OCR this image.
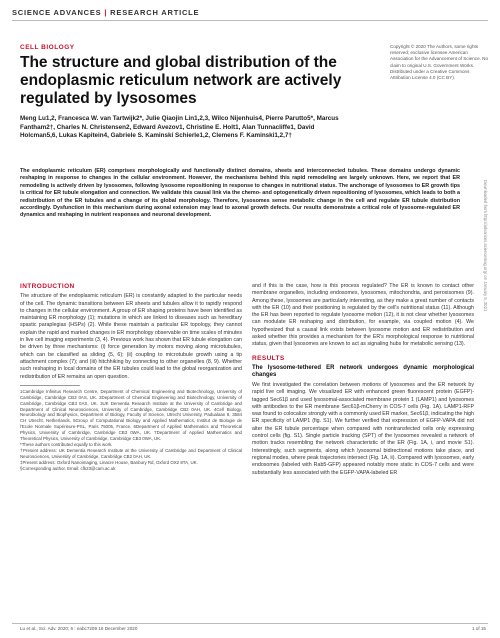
SCIENCE ADVANCES | RESEARCH ARTICLE
CELL BIOLOGY
The structure and global distribution of the endoplasmic reticulum network are actively regulated by lysosomes
Meng Lu1,2, Francesca W. van Tartwijk2*, Julie Qiaojin Lin1,2,3, Wilco Nijenhuis4, Pierre Parutto5*, Marcus Fantham2†, Charles N. Christensen2, Edward Avezov1, Christine E. Holt1, Alan Tunnacliffe1, David Holcman5,6, Lukas Kapitein4, Gabriele S. Kaminski Schierle1,2, Clemens F. Kaminski1,2,7†
Copyright © 2020 The Authors, some rights reserved; exclusive licensee American Association for the Advancement of Science. No claim to original U.S. Government Works. Distributed under a Creative Commons Attribution License 4.0 (CC BY).
The endoplasmic reticulum (ER) comprises morphologically and functionally distinct domains, sheets and interconnected tubules. These domains undergo dynamic reshaping in response to changes in the cellular environment. However, the mechanisms behind this rapid remodeling are largely unknown. Here, we report that ER remodeling is actively driven by lysosomes, following lysosome repositioning in response to changes in nutritional status. The anchorage of lysosomes to ER growth tips is critical for ER tubule elongation and connection. We validate this causal link via the chemo- and optogenetically driven repositioning of lysosomes, which leads to both a redistribution of the ER tubules and a change of its global morphology. Therefore, lysosomes sense metabolic change in the cell and regulate ER tubule distribution accordingly. Dysfunction in this mechanism during axonal extension may lead to axonal growth defects. Our results demonstrate a critical role of lysosome-regulated ER dynamics and reshaping in nutrient responses and neuronal development.	Downloaded from http://advances.sciencemag.org/ on January 5, 2021
INTRODUCTION

The structure of the endoplasmic reticulum (ER) is constantly adapted to the particular needs of the cell. The dynamic transitions between ER sheets and tubules allow it to rapidly respond to changes in the cellular environment. A group of ER shaping proteins have been identified as maintaining ER morphology (1); mutations in which are linked to diseases such as hereditary spastic paraplegias (HSPs) (2). While these maintain a particular ER topology, they cannot explain the rapid and marked changes in ER morphology observable on time scales of minutes in live cell imaging experiments (3, 4). Previous work has shown that ER tubule elongation can be driven by three mechanisms: (i) force generation by motors moving along microtubules, which can be classified as sliding (5, 6); (ii) coupling to microtubule growth using a tip attachment complex (7); and (iii) hitchhiking by connecting to other organelles (8, 9). Whether such reshaping in local domains of the ER tubules could lead to the global reorganization and redistribution of ER remains an open question.

1Cambridge Infinitus Research Centre, Department of Chemical Engineering and Biotechnology, University of Cambridge, Cambridge CB3 0AS, UK. 2Department of Chemical Engineering and Biotechnology, University of Cambridge, Cambridge CB3 0AS, UK. 3UK Dementia Research Institute at the University of Cambridge and Department of Clinical Neurosciences, University of Cambridge, Cambridge CB2 0AH, UK. 4Cell Biology, Neurobiology and Biophysics, Department of Biology, Faculty of Science, Utrecht University, Padualaan 8, 3584 CH Utrecht, Netherlands. 5Group of Computational Biology and Applied Mathematics, Institut de Biologie de l'Ecole Normale Supérieure-PSL, Paris 75005, France. 6Department of Applied Mathematics and Theoretical Physics, University of Cambridge, Cambridge CB3 0WA, UK. 7Department of Applied Mathematics and Theoretical Physics, University of Cambridge, Cambridge CB3 0WA, UK.

*These authors contributed equally to this work.

†Present address: UK Dementia Research Institute at the University of Cambridge and Department of Clinical Neurosciences, University of Cambridge, Cambridge CB2 0AH, UK.

‡Present address: Oxford Nanoimaging, Linacre House, Banbury Rd, Oxford OX2 8TA, UK.

§Corresponding author. Email: cfk23@cam.ac.uk

and if this is the case, how is this process regulated? The ER is known to contact other membrane organelles, including endosomes, lysosomes, mitochondria, and peroxisomes (9). Among these, lysosomes are particularly interesting, as they make a great number of contacts with the ER (10) and their positioning is regulated by the cell's nutritional status (11). Although the ER has been reported to regulate lysosome motion (12), it is not clear whether lysosomes can modulate ER reshaping and distribution, for example, via coupled motion (4). We hypothesized that a causal link exists between lysosome motion and ER redistribution and asked whether this provides a mechanism for the ER's morphological response to nutritional status, given that lysosomes are known to act as signaling hubs for metabolic sensing (13).

RESULTS
The lysosome-tethered ER network undergoes dynamic morphological changes

We first investigated the correlation between motions of lysosomes and the ER network by rapid live cell imaging. We visualized ER with enhanced green fluorescent protein (EGFP)-tagged Sec61β and used lysosomal-associated membrane protein 1 (LAMP1) and lysosomes with antibodies to the ER membrane Sec61β-mCherry in COS-7 cells (Fig. 1A). LAMP1-RFP was found to colocalize strongly with a commonly used ER marker, Sec61β, indicating the high ER specificity of LAMP1 (fig. S1). We further verified that expression of EGFP-VAPA did not alter the ER tubule percentage when compared with nontransfected cells only expressing control cells (fig. S1). Single particle tracking (SPT) of the lysosomes revealed a network of motion tracks resembling the network characteristic of the ER (Fig. 1A, i, and movie S1). Interestingly, such segments, along which lysosomal bidirectional motions take place, and regional modes, where peak trajectories intersect (Fig. 1A, ii). Compared with lysosomes, early endosomes (labeled with Rab5-GFP) appeared notably more static in COS-7 cells and were substantially less associated with the EGFP-VAPA-labeled ER

Lu et al., Sci. Adv. 2020; 6 : eabc7209 16 December 2020	1 of 15
